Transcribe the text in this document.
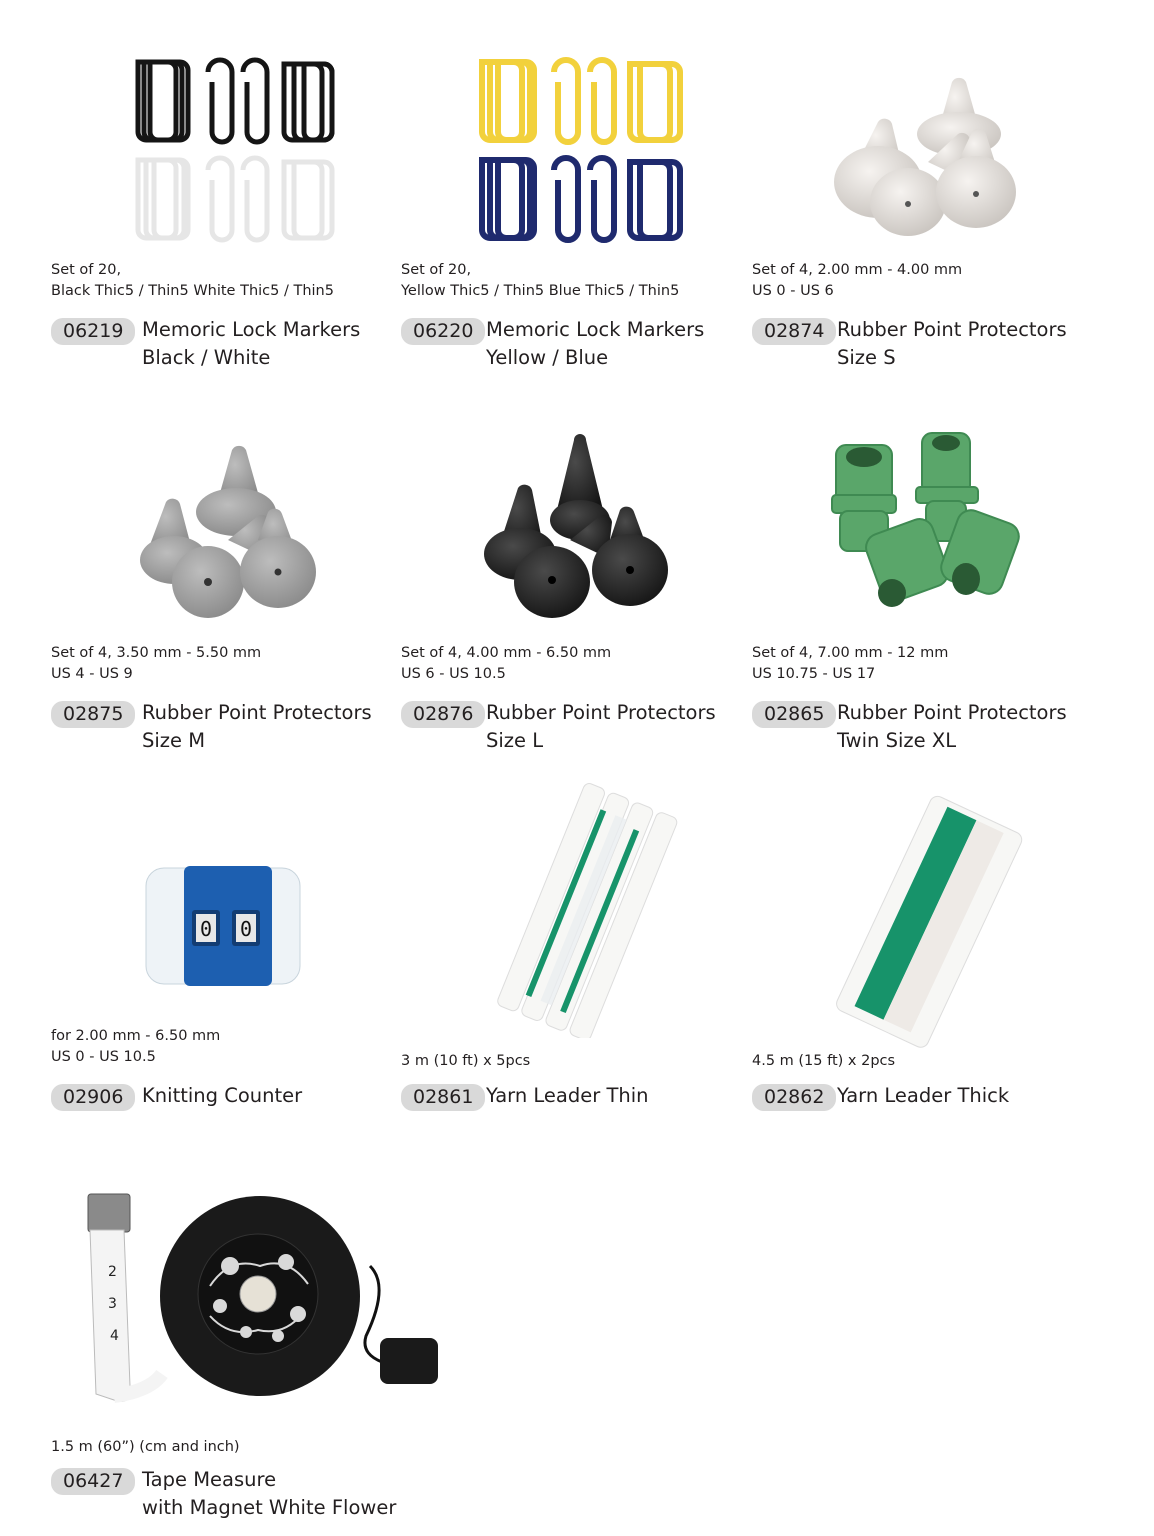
Set of 20,
Black Thic5 / Thin5 White Thic5 / Thin5
06219 Memoric Lock Markers
Black / White
Set of 20,
Yellow Thic5 / Thin5 Blue Thic5 / Thin5
06220 Memoric Lock Markers
Yellow / Blue
Set of 4, 2.00 mm - 4.00 mm
US 0 - US 6
02874 Rubber Point Protectors
Size S
Set of 4, 3.50 mm - 5.50 mm
US 4 - US 9
02875 Rubber Point Protectors
Size M
Set of 4, 4.00 mm - 6.50 mm
US 6 - US 10.5
02876 Rubber Point Protectors
Size L
Set of 4, 7.00 mm - 12 mm
US 10.75 - US 17
02865 Rubber Point Protectors
Twin Size XL
0 0
for 2.00 mm - 6.50 mm
US 0 - US 10.5
02906 Knitting Counter
3 m (10 ft) x 5pcs
02861 Yarn Leader Thin
4.5 m (15 ft) x 2pcs
02862 Yarn Leader Thick
2
3
4
1.5 m (60”) (cm and inch)
06427 Tape Measure
with Magnet White Flower
